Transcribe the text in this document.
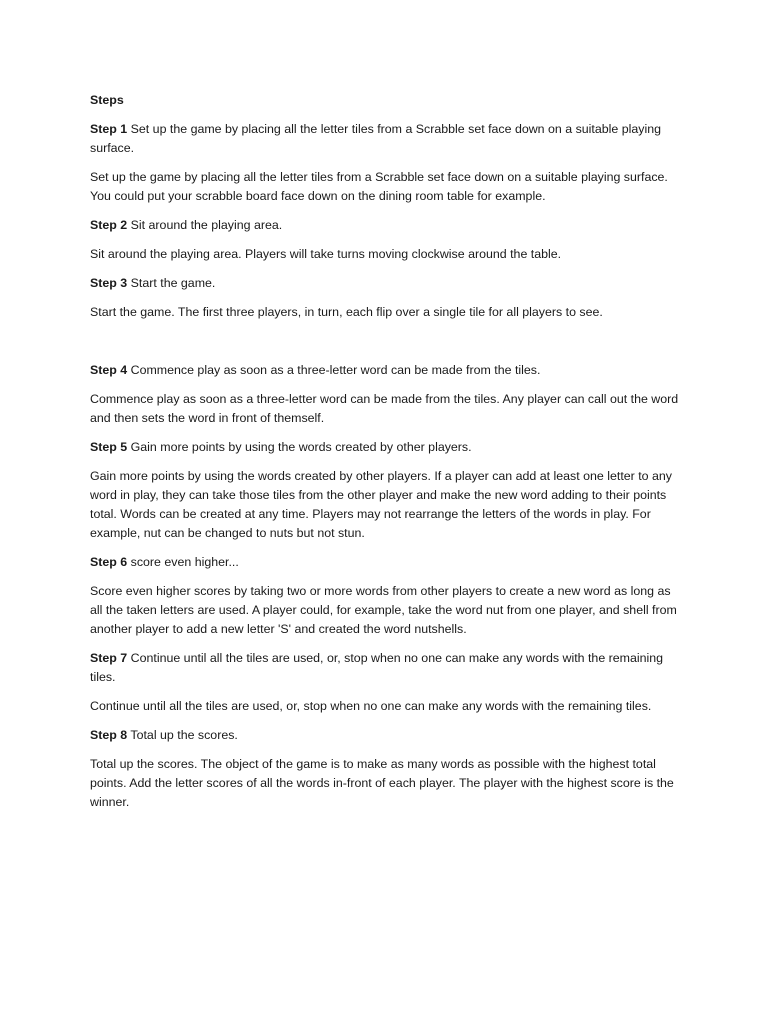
Steps

Step 1 Set up the game by placing all the letter tiles from a Scrabble set face down on a suitable playing surface.

Set up the game by placing all the letter tiles from a Scrabble set face down on a suitable playing surface. You could put your scrabble board face down on the dining room table for example.

Step 2 Sit around the playing area.

Sit around the playing area. Players will take turns moving clockwise around the table.

Step 3 Start the game.

Start the game. The first three players, in turn, each flip over a single tile for all players to see.

Step 4 Commence play as soon as a three-letter word can be made from the tiles.

Commence play as soon as a three-letter word can be made from the tiles. Any player can call out the word and then sets the word in front of themself.

Step 5 Gain more points by using the words created by other players.

Gain more points by using the words created by other players. If a player can add at least one letter to any word in play, they can take those tiles from the other player and make the new word adding to their points total. Words can be created at any time. Players may not rearrange the letters of the words in play. For example, nut can be changed to nuts but not stun.

Step 6 score even higher...

Score even higher scores by taking two or more words from other players to create a new word as long as all the taken letters are used. A player could, for example, take the word nut from one player, and shell from another player to add a new letter 'S' and created the word nutshells.

Step 7 Continue until all the tiles are used, or, stop when no one can make any words with the remaining tiles.

Continue until all the tiles are used, or, stop when no one can make any words with the remaining tiles.

Step 8 Total up the scores.

Total up the scores. The object of the game is to make as many words as possible with the highest total points. Add the letter scores of all the words in-front of each player. The player with the highest score is the winner.
